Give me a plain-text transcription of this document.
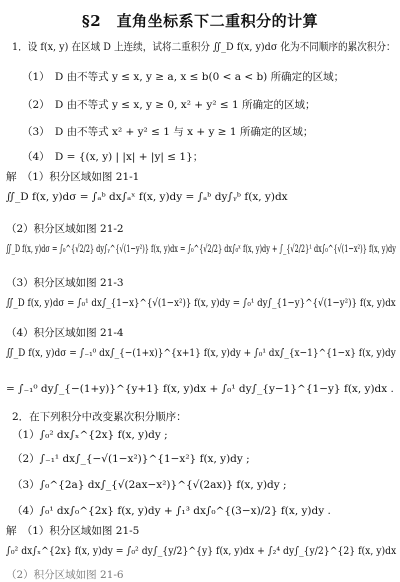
§2　直角坐标系下二重积分的计算
1．设 f(x, y) 在区域 D 上连续，试将二重积分 ∬_D f(x, y)dσ 化为不同顺序的累次积分：
（1）　D 由不等式 y ≤ x, y ≥ a, x ≤ b(0 < a < b) 所确定的区域；
（2）　D 由不等式 y ≤ x, y ≥ 0, x² + y² ≤ 1 所确定的区域；
（3）　D 由不等式 x² + y² ≤ 1 与 x + y ≥ 1 所确定的区域；
（4）　D = {(x, y) | |x| + |y| ≤ 1}；
解　（1）积分区域如图 21-1
∬_D f(x, y)dσ = ∫ₐᵇ dx∫ₐˣ f(x, y)dy = ∫ₐᵇ dy∫ᵧᵇ f(x, y)dx
（2）积分区域如图 21-2
∬_D f(x, y)dσ = ∫₀^{√2/2} dy∫ᵧ^{√(1−y²)} f(x, y)dx = ∫₀^{√2/2} dx∫₀ˣ f(x, y)dy + ∫_{√2/2}¹ dx∫₀^{√(1−x²)} f(x, y)dy
（3）积分区域如图 21-3
∬_D f(x, y)dσ = ∫₀¹ dx∫_{1−x}^{√(1−x²)} f(x, y)dy = ∫₀¹ dy∫_{1−y}^{√(1−y²)} f(x, y)dx
（4）积分区域如图 21-4
∬_D f(x, y)dσ = ∫₋₁⁰ dx∫_{−(1+x)}^{x+1} f(x, y)dy + ∫₀¹ dx∫_{x−1}^{1−x} f(x, y)dy
= ∫₋₁⁰ dy∫_{−(1+y)}^{y+1} f(x, y)dx + ∫₀¹ dy∫_{y−1}^{1−y} f(x, y)dx .
2．在下列积分中改变累次积分顺序：
（1）∫₀² dx∫ₓ^{2x} f(x, y)dy ;
（2）∫₋₁¹ dx∫_{−√(1−x²)}^{1−x²} f(x, y)dy ;
（3）∫₀^{2a} dx∫_{√(2ax−x²)}^{√(2ax)} f(x, y)dy ;
（4）∫₀¹ dx∫₀^{2x} f(x, y)dy + ∫₁³ dx∫₀^{(3−x)/2} f(x, y)dy .
解　（1）积分区域如图 21-5
∫₀² dx∫ₓ^{2x} f(x, y)dy = ∫₀² dy∫_{y/2}^{y} f(x, y)dx + ∫₂⁴ dy∫_{y/2}^{2} f(x, y)dx
（2）积分区域如图 21-6
